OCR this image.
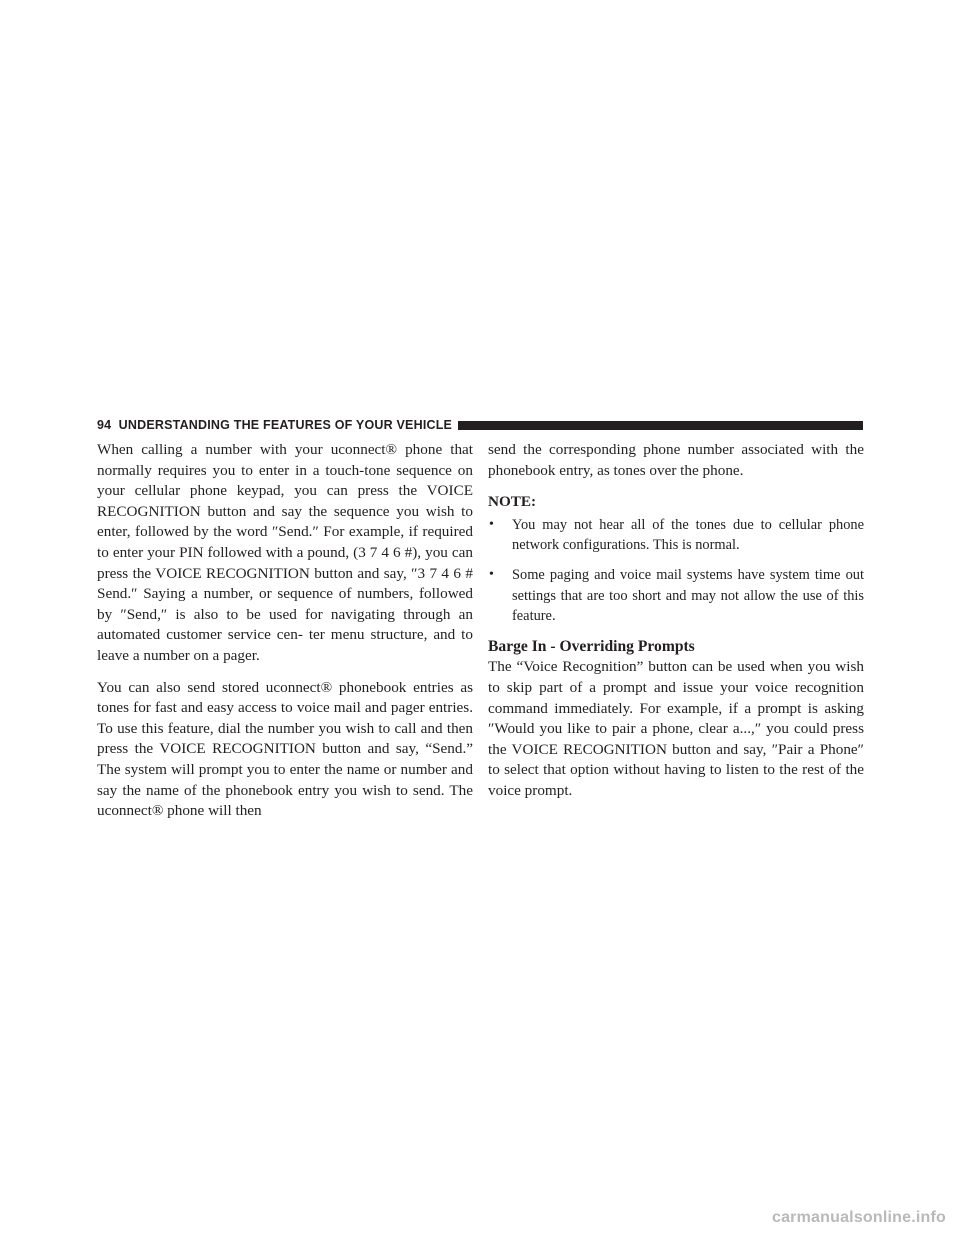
94
UNDERSTANDING THE FEATURES OF YOUR VEHICLE

When calling a number with your uconnect® phone that normally requires you to enter in a touch-tone sequence on your cellular phone keypad, you can press the VOICE RECOGNITION button and say the sequence you wish to enter, followed by the word ″Send.″ For example, if required to enter your PIN followed with a pound, (3 7 4 6 #), you can press the VOICE RECOGNITION button and say, ″3 7 4 6 # Send.″ Saying a number, or sequence of numbers, followed by ″Send,″ is also to be used for navigating through an automated customer service cen- ter menu structure, and to leave a number on a pager.

You can also send stored uconnect® phonebook entries as tones for fast and easy access to voice mail and pager entries. To use this feature, dial the number you wish to call and then press the VOICE RECOGNITION button and say, “Send.” The system will prompt you to enter the name or number and say the name of the phonebook entry you wish to send. The uconnect® phone will then

send the corresponding phone number associated with the phonebook entry, as tones over the phone.

NOTE:
• You may not hear all of the tones due to cellular phone network configurations. This is normal.
• Some paging and voice mail systems have system time out settings that are too short and may not allow the use of this feature.
Barge In - Overriding Prompts

The “Voice Recognition” button can be used when you wish to skip part of a prompt and issue your voice recognition command immediately. For example, if a prompt is asking ″Would you like to pair a phone, clear a...,″ you could press the VOICE RECOGNITION button and say, ″Pair a Phone″ to select that option without having to listen to the rest of the voice prompt.

carmanualsonline.info
